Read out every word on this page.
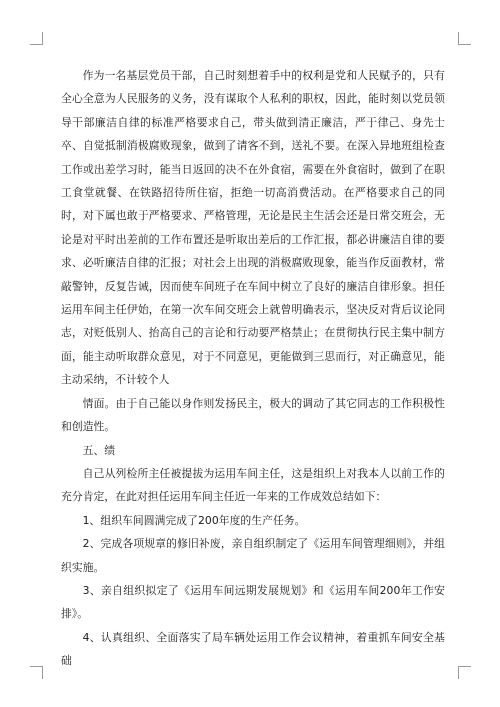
作为一名基层党员干部，自己时刻想着手中的权利是党和人民赋予的，只有全心全意为人民服务的义务，没有谋取个人私利的职权，因此，能时刻以党员领导干部廉洁自律的标准严格要求自己，带头做到清正廉洁，严于律己、身先士卒、自觉抵制消极腐败现象，做到了请客不到，送礼不要。在深入异地班组检查工作或出差学习时，能当日返回的决不在外食宿，需要在外食宿时，做到了在职工食堂就餐、在铁路招待所住宿，拒绝一切高消费活动。在严格要求自己的同时，对下属也敢于严格要求、严格管理，无论是民主生活会还是日常交班会，无论是对平时出差前的工作布置还是听取出差后的工作汇报，都必讲廉洁自律的要求、必听廉洁自律的汇报；对社会上出现的消极腐败现象，能当作反面教材，常敲警钟，反复告诫，因而使车间班子在车间中树立了良好的廉洁自律形象。担任运用车间主任伊始，在第一次车间交班会上就曾明确表示，坚决反对背后议论同志，对贬低别人、抬高自己的言论和行动要严格禁止；在贯彻执行民主集中制方面，能主动听取群众意见，对于不同意见，更能做到三思而行，对正确意见，能主动采纳，不计较个人

情面。由于自己能以身作则发扬民主，极大的调动了其它同志的工作积极性和创造性。

五、绩

自己从列检所主任被提拔为运用车间主任，这是组织上对我本人以前工作的充分肯定，在此对担任运用车间主任近一年来的工作成效总结如下：

1、组织车间圆满完成了200年度的生产任务。

2、完成各项规章的修旧补废，亲自组织制定了《运用车间管理细则》，并组织实施。

3、亲自组织拟定了《运用车间远期发展规划》和《运用车间200年工作安排》。

4、认真组织、全面落实了局车辆处运用工作会议精神，着重抓车间安全基础
